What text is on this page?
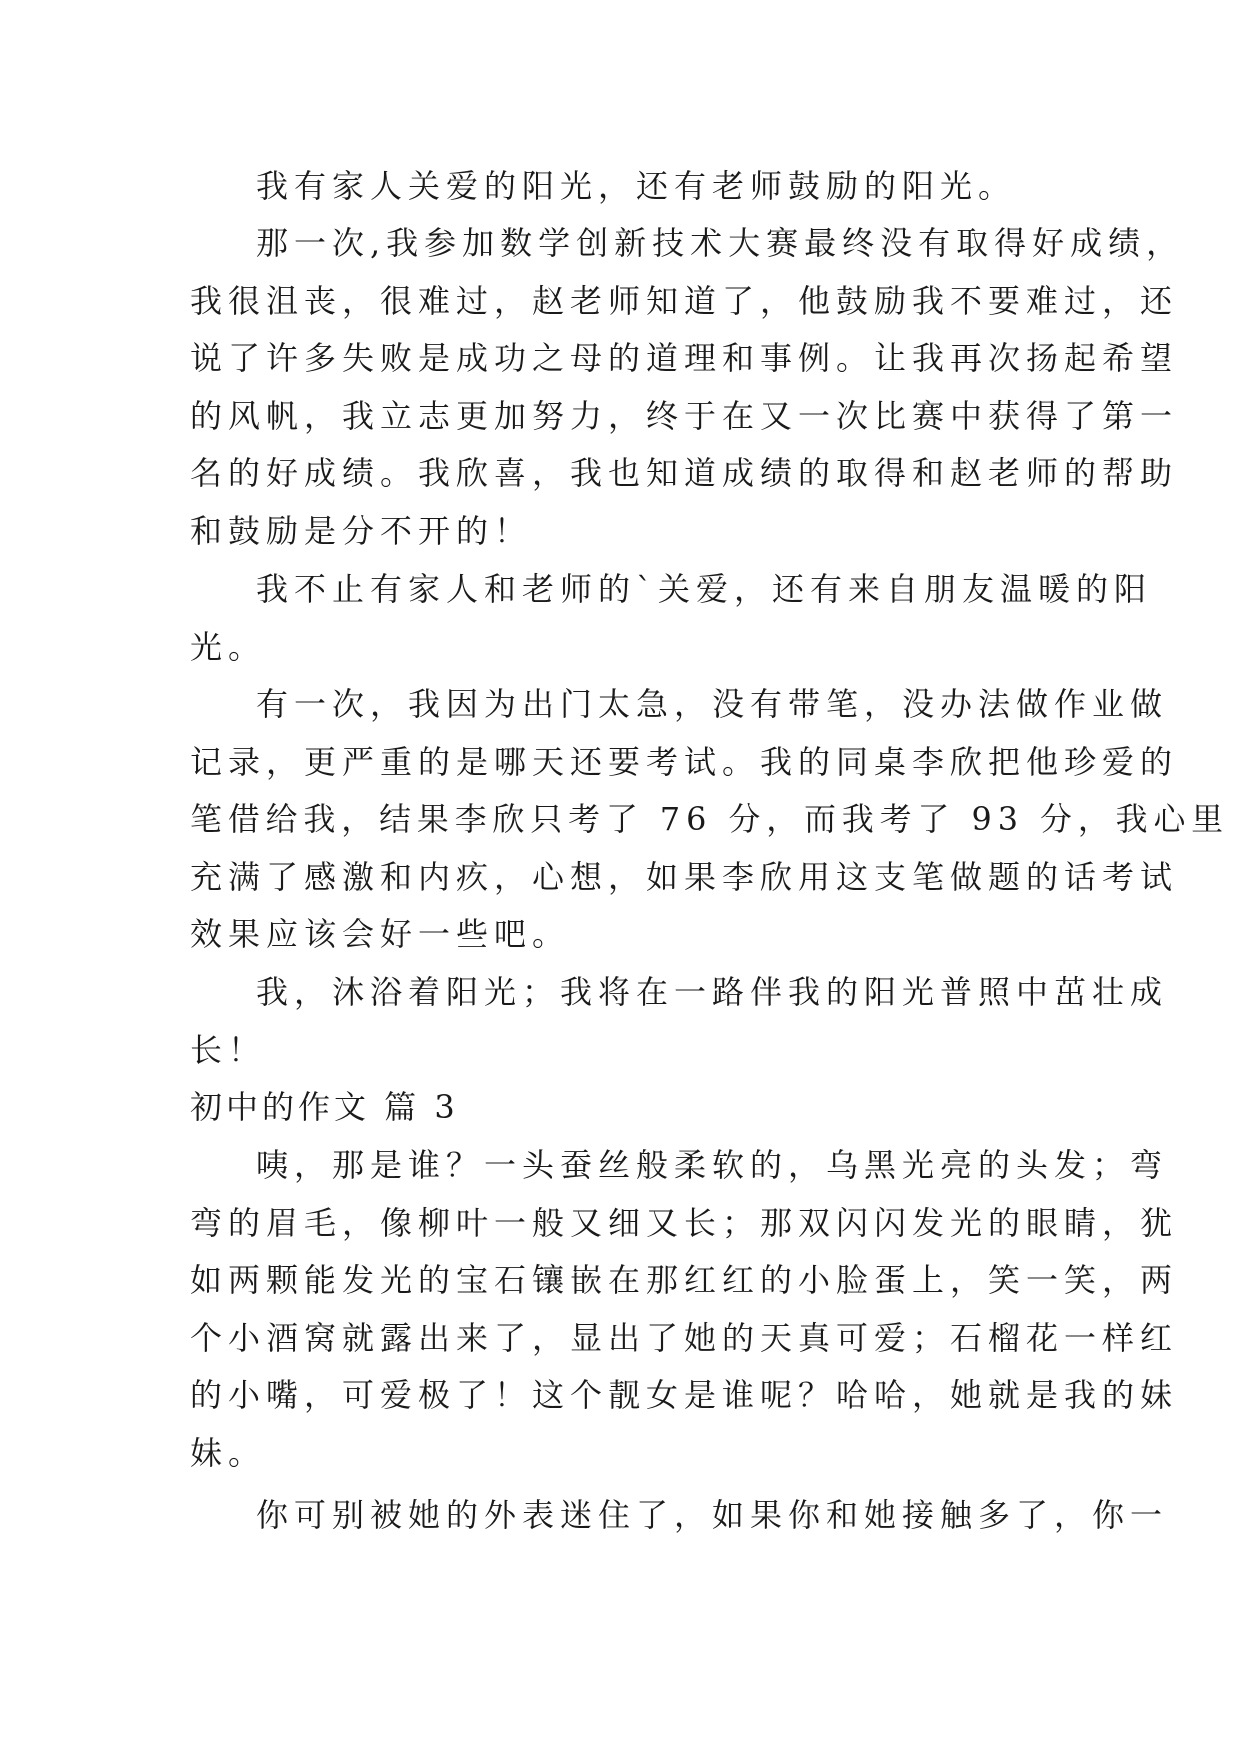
我有家人关爱的阳光，还有老师鼓励的阳光。

那一次,我参加数学创新技术大赛最终没有取得好成绩，

我很沮丧，很难过，赵老师知道了，他鼓励我不要难过，还

说了许多失败是成功之母的道理和事例。让我再次扬起希望

的风帆，我立志更加努力，终于在又一次比赛中获得了第一

名的好成绩。我欣喜，我也知道成绩的取得和赵老师的帮助

和鼓励是分不开的！

我不止有家人和老师的`关爱，还有来自朋友温暖的阳

光。

有一次，我因为出门太急，没有带笔，没办法做作业做

记录，更严重的是哪天还要考试。我的同桌李欣把他珍爱的

笔借给我，结果李欣只考了 76 分，而我考了 93 分，我心里

充满了感激和内疚，心想，如果李欣用这支笔做题的话考试

效果应该会好一些吧。

我，沐浴着阳光；我将在一路伴我的阳光普照中茁壮成

长！

初中的作文 篇 3

咦，那是谁？一头蚕丝般柔软的，乌黑光亮的头发；弯

弯的眉毛，像柳叶一般又细又长；那双闪闪发光的眼睛，犹

如两颗能发光的宝石镶嵌在那红红的小脸蛋上，笑一笑，两

个小酒窝就露出来了，显出了她的天真可爱；石榴花一样红

的小嘴，可爱极了！这个靓女是谁呢？哈哈，她就是我的妹

妹。

你可别被她的外表迷住了，如果你和她接触多了，你一
